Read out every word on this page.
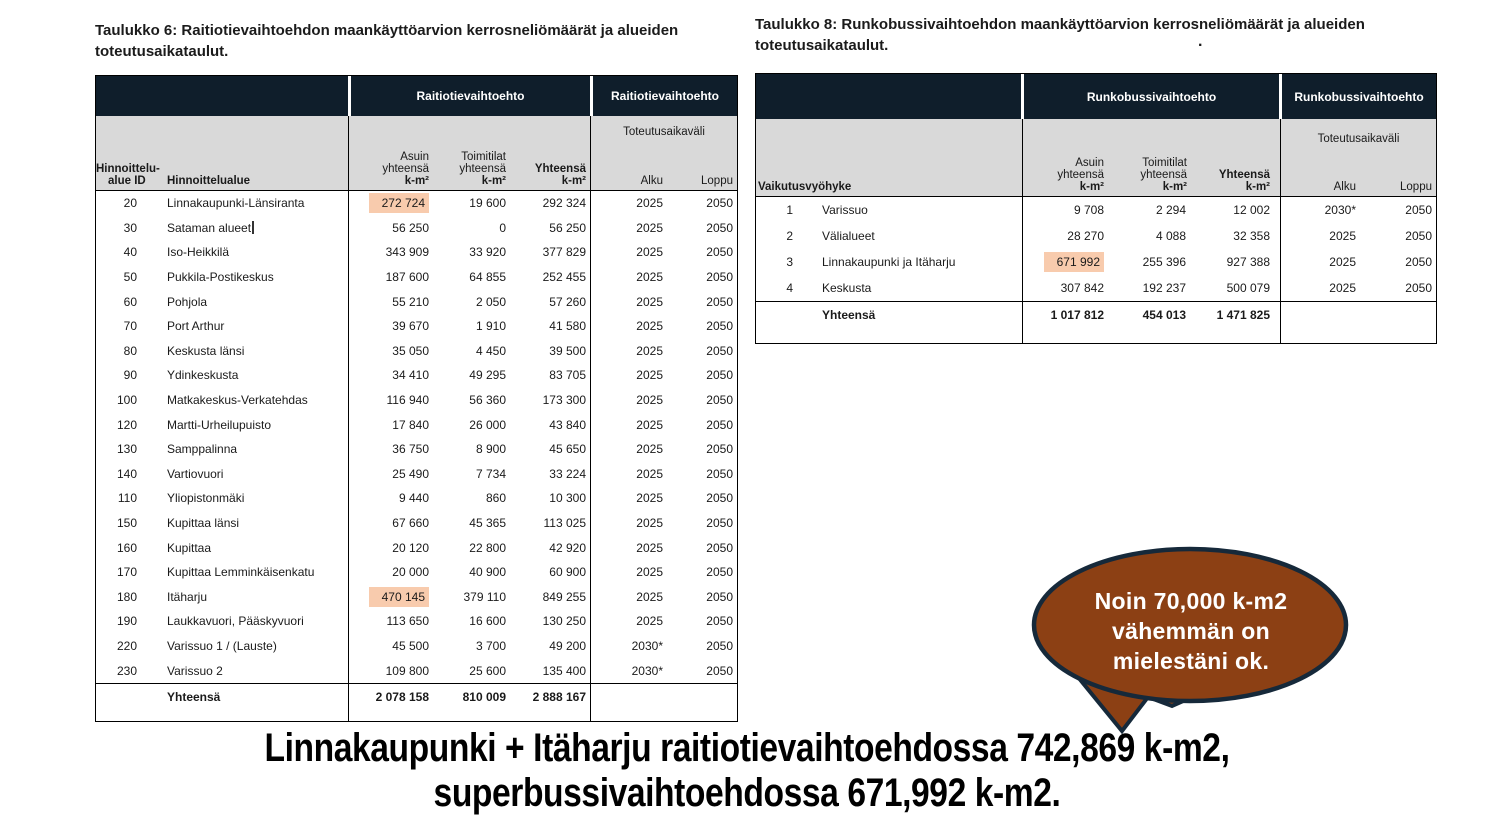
Taulukko 6: Raitiotievaihtoehdon maankäyttöarvion kerrosneliömäärät ja alueiden
toteutusaikataulut.
Taulukko 8: Runkobussivaihtoehdon maankäyttöarvion kerrosneliömäärät ja alueiden
toteutusaikataulut.	.
Raitiotievaihtoehto	Raitiotievaihtoehto
Hinnoittelu-
alue ID	Hinnoittelualue
Asuin
yhteensä
k-m²
Toimitilat
yhteensä
k-m²
Yhteensä
k-m²	Alku	Loppu
Toteutusaikaväli
20	Linnakaupunki-Länsiranta	272 724	19 600	292 324	2025	2050
30	Sataman alueet	56 250	0	56 250	2025	2050
40	Iso-Heikkilä	343 909	33 920	377 829	2025	2050
50	Pukkila-Postikeskus	187 600	64 855	252 455	2025	2050
60	Pohjola	55 210	2 050	57 260	2025	2050
70	Port Arthur	39 670	1 910	41 580	2025	2050
80	Keskusta länsi	35 050	4 450	39 500	2025	2050
90	Ydinkeskusta	34 410	49 295	83 705	2025	2050
100	Matkakeskus-Verkatehdas	116 940	56 360	173 300	2025	2050
120	Martti-Urheilupuisto	17 840	26 000	43 840	2025	2050
130	Samppalinna	36 750	8 900	45 650	2025	2050
140	Vartiovuori	25 490	7 734	33 224	2025	2050
110	Yliopistonmäki	9 440	860	10 300	2025	2050
150	Kupittaa länsi	67 660	45 365	113 025	2025	2050
160	Kupittaa	20 120	22 800	42 920	2025	2050
170	Kupittaa Lemminkäisenkatu	20 000	40 900	60 900	2025	2050
180	Itäharju	470 145	379 110	849 255	2025	2050
190	Laukkavuori, Pääskyvuori	113 650	16 600	130 250	2025	2050
220	Varissuo 1 / (Lauste)	45 500	3 700	49 200	2030*	2050
230	Varissuo 2	109 800	25 600	135 400	2030*	2050
Yhteensä	2 078 158	810 009	2 888 167
Runkobussivaihtoehto	Runkobussivaihtoehto
Vaikutusvyöhyke
Asuin
yhteensä
k-m²
Toimitilat
yhteensä
k-m²
Yhteensä
k-m²	Alku	Loppu
Toteutusaikaväli
1	Varissuo	9 708	2 294	12 002	2030*	2050
2	Välialueet	28 270	4 088	32 358	2025	2050
3	Linnakaupunki ja Itäharju	671 992	255 396	927 388	2025	2050
4	Keskusta	307 842	192 237	500 079	2025	2050
Yhteensä	1 017 812	454 013	1 471 825
Noin 70,000 k-m2
vähemmän on
mielestäni ok.
Linnakaupunki + Itäharju raitiotievaihtoehdossa 742,869 k-m2,
superbussivaihtoehdossa 671,992 k-m2.
